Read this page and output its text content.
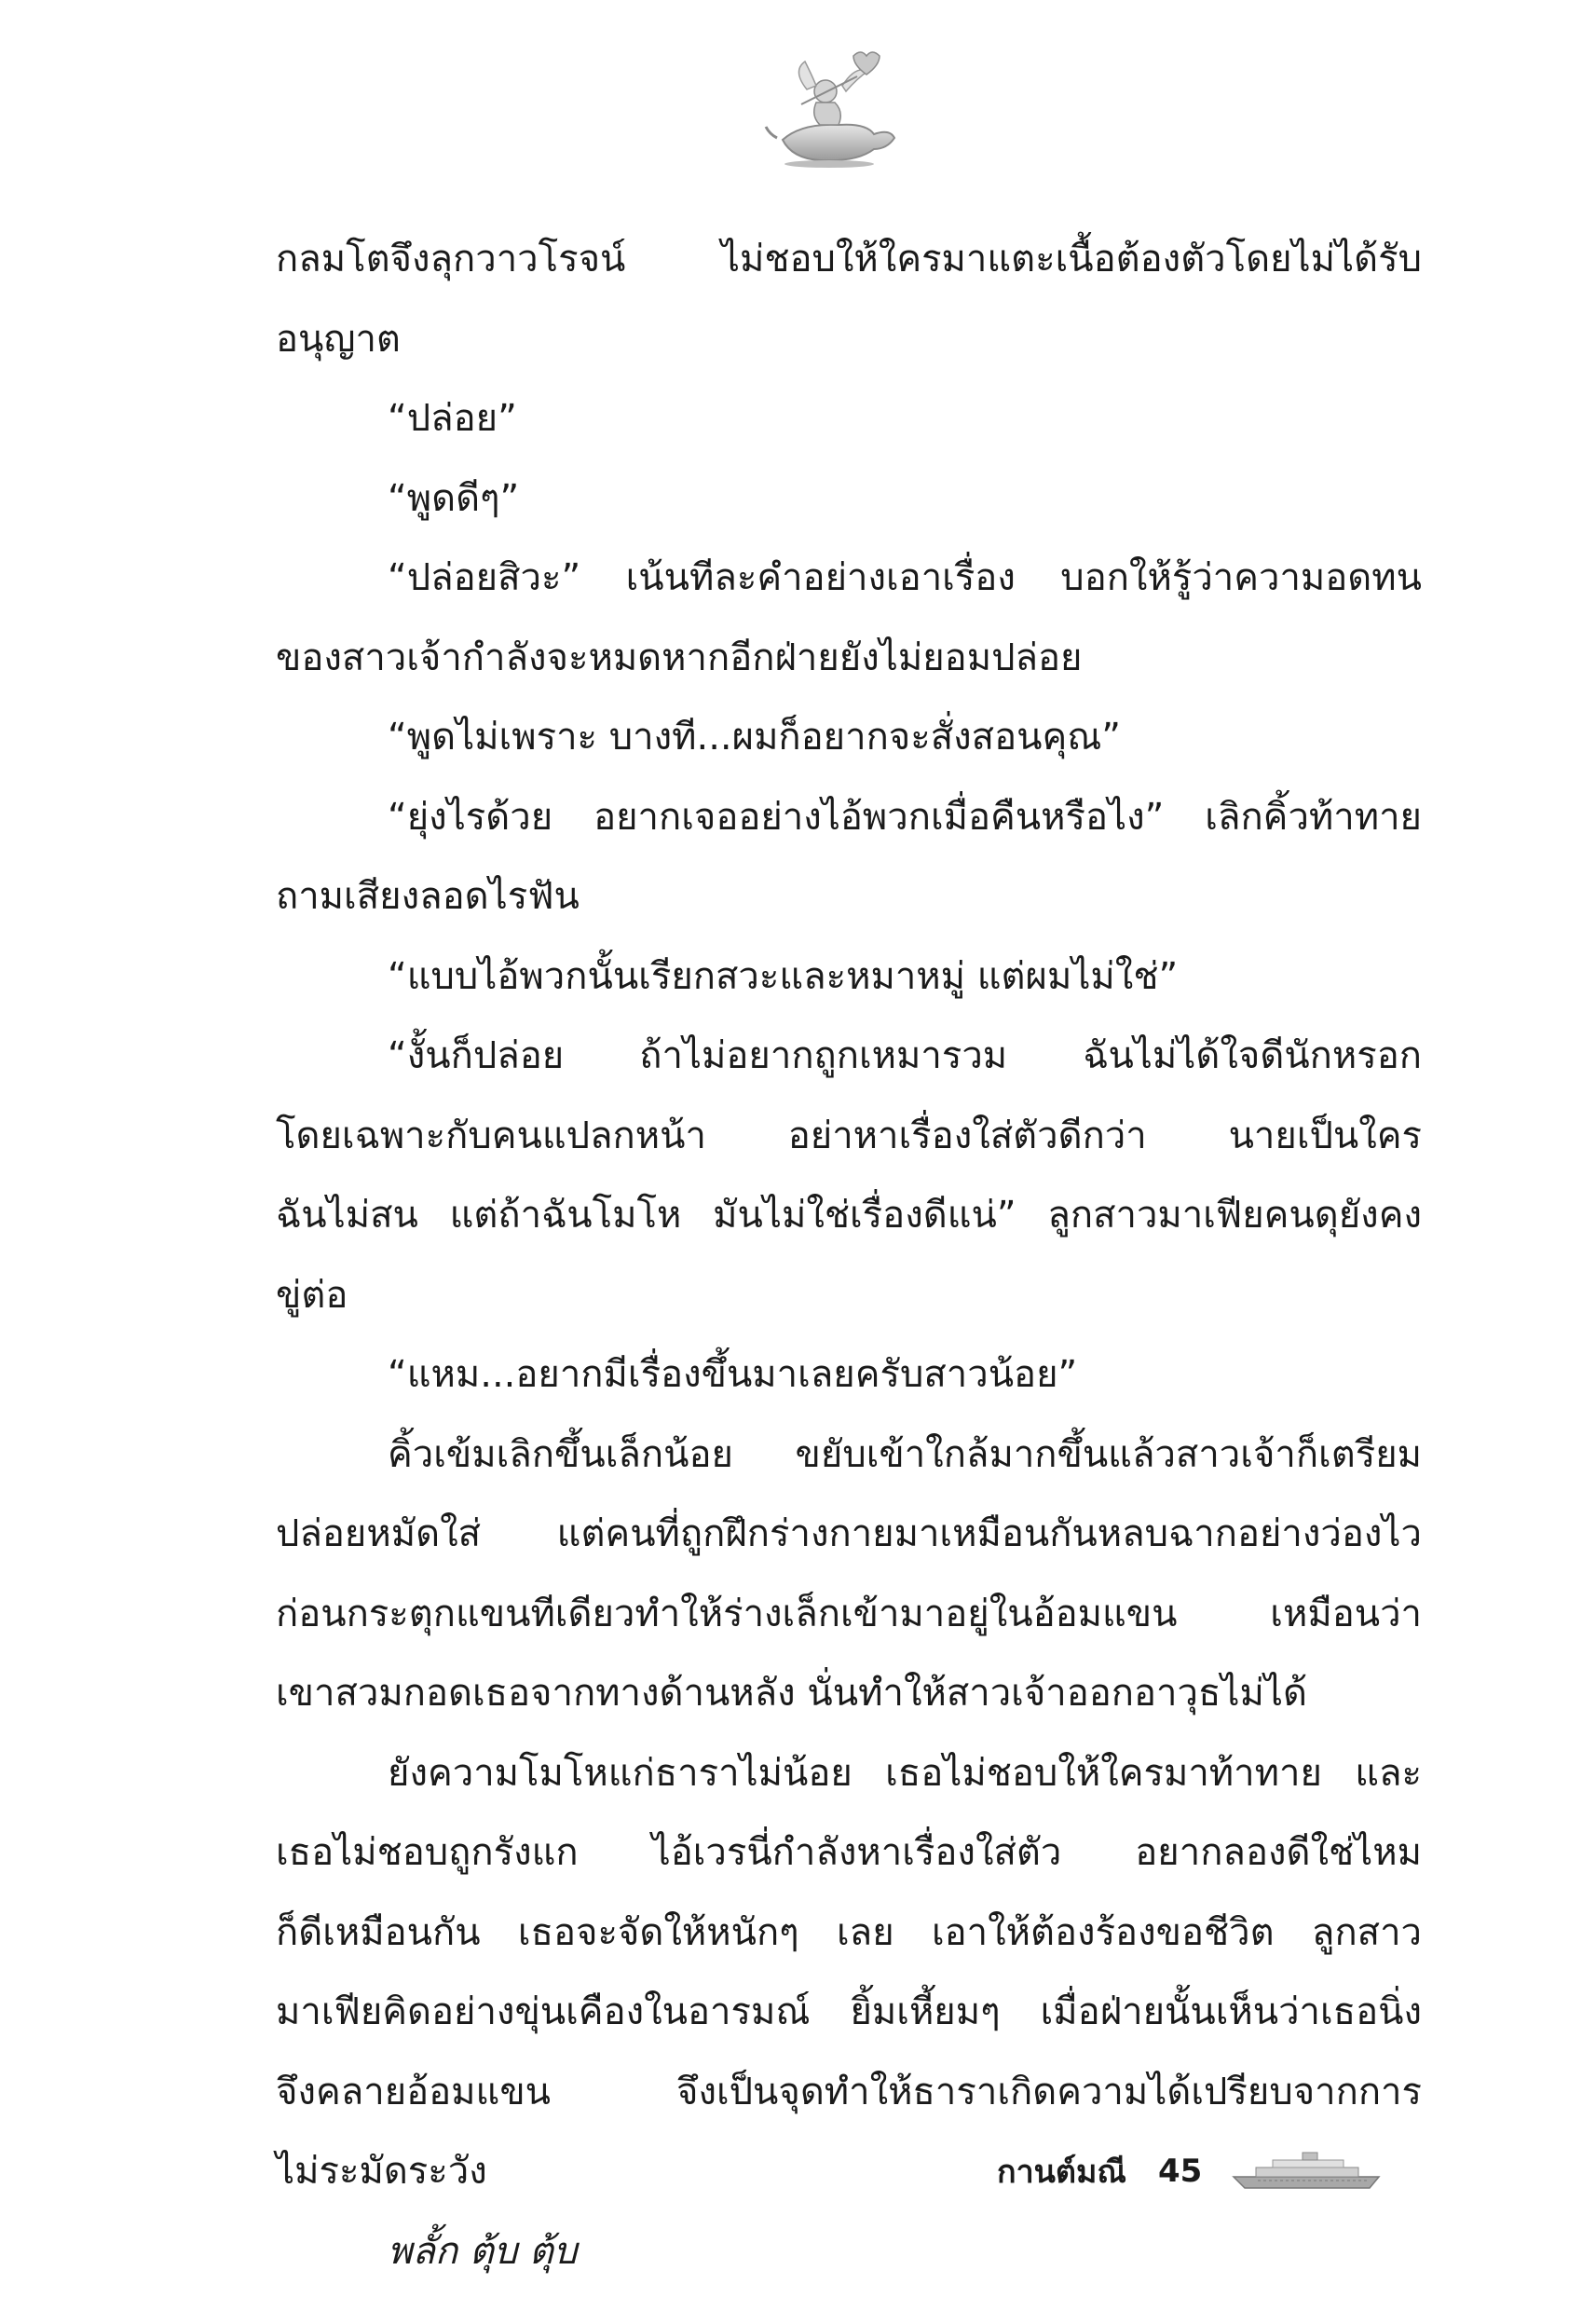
กลมโตจึงลุกวาวโรจน์ ไม่ชอบให้ใครมาแตะเนื้อต้องตัวโดยไม่ได้รับ
อนุญาต
“ปล่อย”
“พูดดีๆ”
“ปล่อยสิวะ” เน้นทีละคำอย่างเอาเรื่อง บอกให้รู้ว่าความอดทน
ของสาวเจ้ากำลังจะหมดหากอีกฝ่ายยังไม่ยอมปล่อย
“พูดไม่เพราะ บางที...ผมก็อยากจะสั่งสอนคุณ”
“ยุ่งไรด้วย อยากเจออย่างไอ้พวกเมื่อคืนหรือไง” เลิกคิ้วท้าทาย
ถามเสียงลอดไรฟัน
“แบบไอ้พวกนั้นเรียกสวะและหมาหมู่ แต่ผมไม่ใช่”
“งั้นก็ปล่อย ถ้าไม่อยากถูกเหมารวม ฉันไม่ได้ใจดีนักหรอก
โดยเฉพาะกับคนแปลกหน้า อย่าหาเรื่องใส่ตัวดีกว่า นายเป็นใคร
ฉันไม่สน แต่ถ้าฉันโมโห มันไม่ใช่เรื่องดีแน่” ลูกสาวมาเฟียคนดุยังคง
ขู่ต่อ
“แหม...อยากมีเรื่องขึ้นมาเลยครับสาวน้อย”
คิ้วเข้มเลิกขึ้นเล็กน้อย ขยับเข้าใกล้มากขึ้นแล้วสาวเจ้าก็เตรียม
ปล่อยหมัดใส่ แต่คนที่ถูกฝึกร่างกายมาเหมือนกันหลบฉากอย่างว่องไว
ก่อนกระตุกแขนทีเดียวทำให้ร่างเล็กเข้ามาอยู่ในอ้อมแขน เหมือนว่า
เขาสวมกอดเธอจากทางด้านหลัง นั่นทำให้สาวเจ้าออกอาวุธไม่ได้
ยังความโมโหแก่ธาราไม่น้อย เธอไม่ชอบให้ใครมาท้าทาย และ
เธอไม่ชอบถูกรังแก ไอ้เวรนี่กำลังหาเรื่องใส่ตัว อยากลองดีใช่ไหม
ก็ดีเหมือนกัน เธอจะจัดให้หนักๆ เลย เอาให้ต้องร้องขอชีวิต ลูกสาว
มาเฟียคิดอย่างขุ่นเคืองในอารมณ์ ยิ้มเหี้ยมๆ เมื่อฝ่ายนั้นเห็นว่าเธอนิ่ง
จึงคลายอ้อมแขน จึงเป็นจุดทำให้ธาราเกิดความได้เปรียบจากการ
ไม่ระมัดระวัง
พลั้ก ตุ้บ ตุ้บ
กานต์มณี 45
